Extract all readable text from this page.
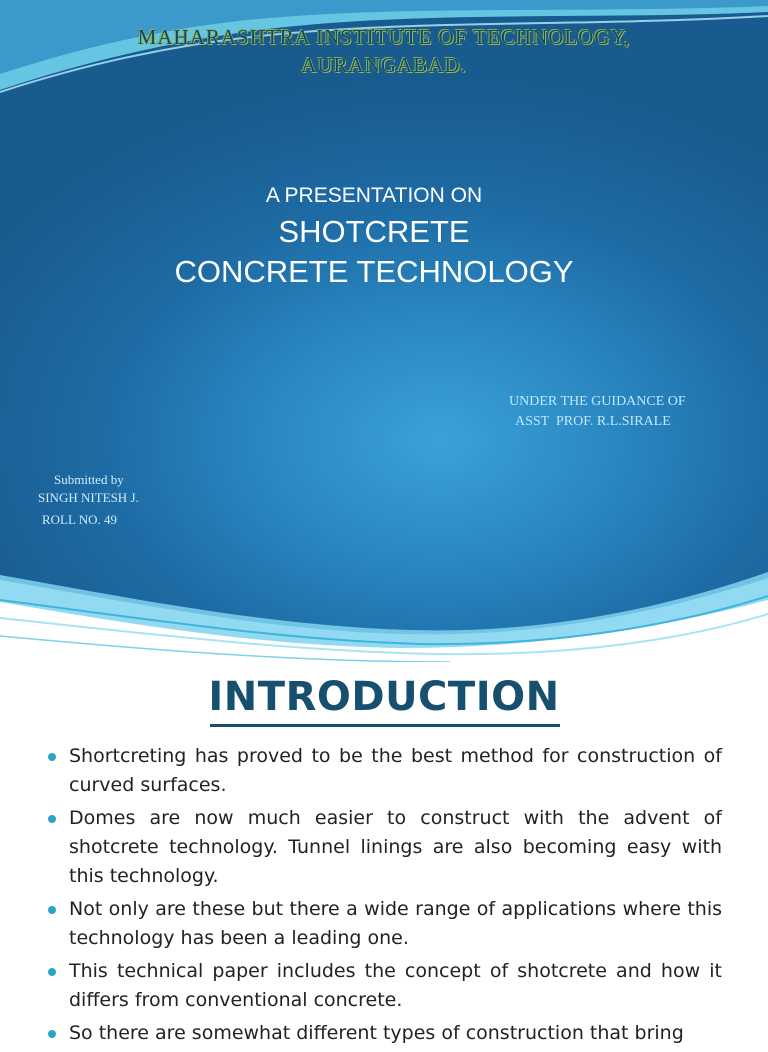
MAHARASHTRA INSTITUTE OF TECHNOLOGY,
AURANGABAD.
A PRESENTATION ON
SHOTCRETE
CONCRETE TECHNOLOGY
UNDER THE GUIDANCE OF
ASST  PROF. R.L.SIRALE
Submitted by
SINGH NITESH J.
ROLL NO. 49
INTRODUCTION
Shortcreting has proved to be the best method for construction of curved surfaces.
Domes are now much easier to construct with the advent of shotcrete technology. Tunnel linings are also becoming easy with this technology.
Not only are these but there a wide range of applications where this technology has been a leading one.
This technical paper includes the concept of shotcrete and how it differs from conventional concrete.
So there are somewhat different types of construction that bring
